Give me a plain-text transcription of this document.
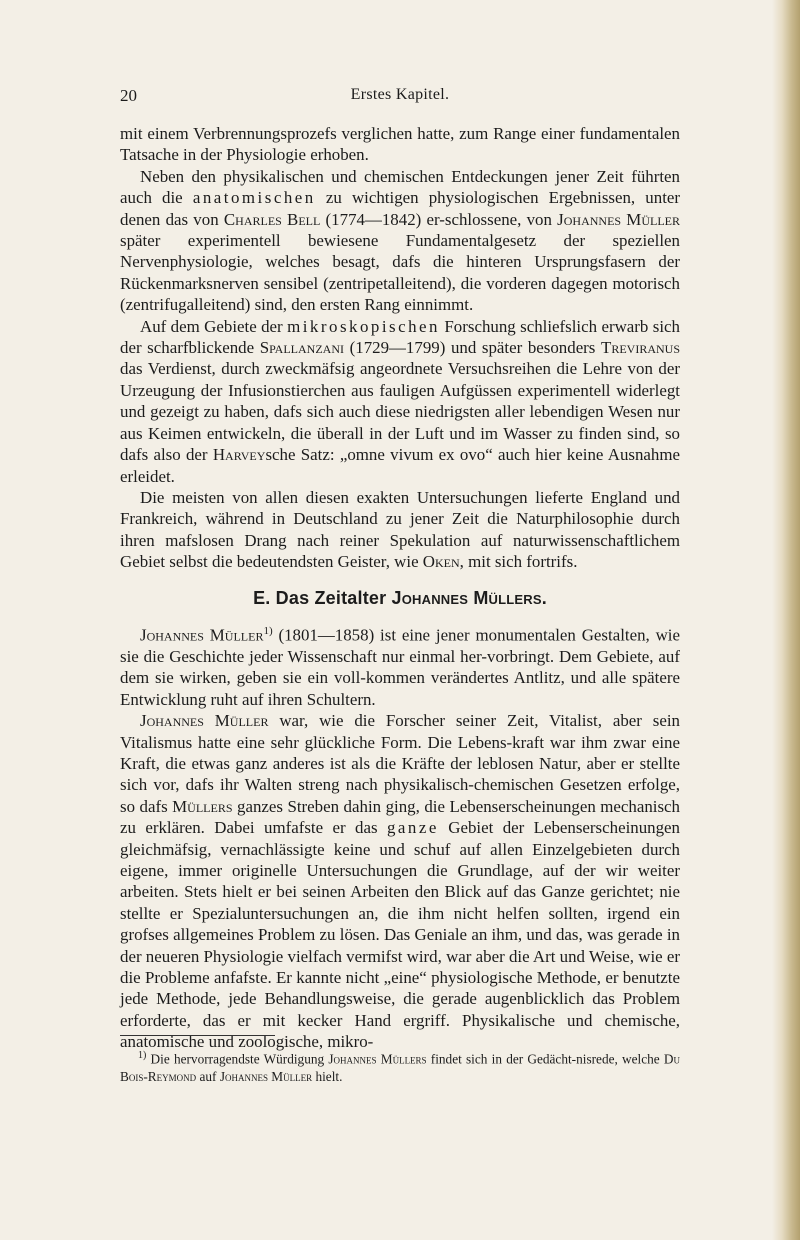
20	Erstes Kapitel.

mit einem Verbrennungsprozefs verglichen hatte, zum Range einer fundamentalen Tatsache in der Physiologie erhoben.

Neben den physikalischen und chemischen Entdeckungen jener Zeit führten auch die anatomischen zu wichtigen physiologischen Ergebnissen, unter denen das von Charles Bell (1774—1842) er-schlossene, von Johannes Müller später experimentell bewiesene Fundamentalgesetz der speziellen Nervenphysiologie, welches besagt, dafs die hinteren Ursprungsfasern der Rückenmarksnerven sensibel (zentripetalleitend), die vorderen dagegen motorisch (zentrifugalleitend) sind, den ersten Rang einnimmt.

Auf dem Gebiete der mikroskopischen Forschung schliefslich erwarb sich der scharfblickende Spallanzani (1729—1799) und später besonders Treviranus das Verdienst, durch zweckmäfsig angeordnete Versuchsreihen die Lehre von der Urzeugung der Infusionstierchen aus fauligen Aufgüssen experimentell widerlegt und gezeigt zu haben, dafs sich auch diese niedrigsten aller lebendigen Wesen nur aus Keimen entwickeln, die überall in der Luft und im Wasser zu finden sind, so dafs also der Harveysche Satz: „omne vivum ex ovo“ auch hier keine Ausnahme erleidet.

Die meisten von allen diesen exakten Untersuchungen lieferte England und Frankreich, während in Deutschland zu jener Zeit die Naturphilosophie durch ihren mafslosen Drang nach reiner Spekulation auf naturwissenschaftlichem Gebiet selbst die bedeutendsten Geister, wie Oken, mit sich fortrifs.

E. Das Zeitalter Johannes Müllers.

Johannes Müller$^{1)}$ (1801—1858) ist eine jener monumentalen Gestalten, wie sie die Geschichte jeder Wissenschaft nur einmal her-vorbringt. Dem Gebiete, auf dem sie wirken, geben sie ein voll-kommen verändertes Antlitz, und alle spätere Entwicklung ruht auf ihren Schultern.

Johannes Müller war, wie die Forscher seiner Zeit, Vitalist, aber sein Vitalismus hatte eine sehr glückliche Form. Die Lebens-kraft war ihm zwar eine Kraft, die etwas ganz anderes ist als die Kräfte der leblosen Natur, aber er stellte sich vor, dafs ihr Walten streng nach physikalisch-chemischen Gesetzen erfolge, so dafs Müllers ganzes Streben dahin ging, die Lebenserscheinungen mechanisch zu erklären. Dabei umfafste er das ganze Gebiet der Lebenserscheinungen gleichmäfsig, vernachlässigte keine und schuf auf allen Einzelgebieten durch eigene, immer originelle Untersuchungen die Grundlage, auf der wir weiter arbeiten. Stets hielt er bei seinen Arbeiten den Blick auf das Ganze gerichtet; nie stellte er Spezialuntersuchungen an, die ihm nicht helfen sollten, irgend ein grofses allgemeines Problem zu lösen. Das Geniale an ihm, und das, was gerade in der neueren Physiologie vielfach vermifst wird, war aber die Art und Weise, wie er die Probleme anfafste. Er kannte nicht „eine“ physiologische Methode, er benutzte jede Methode, jede Behandlungsweise, die gerade augenblicklich das Problem erforderte, das er mit kecker Hand ergriff. Physikalische und chemische, anatomische und zoologische, mikro-

$^{1)}$ Die hervorragendste Würdigung Johannes Müllers findet sich in der Gedächt-nisrede, welche Du Bois-Reymond auf Johannes Müller hielt.
